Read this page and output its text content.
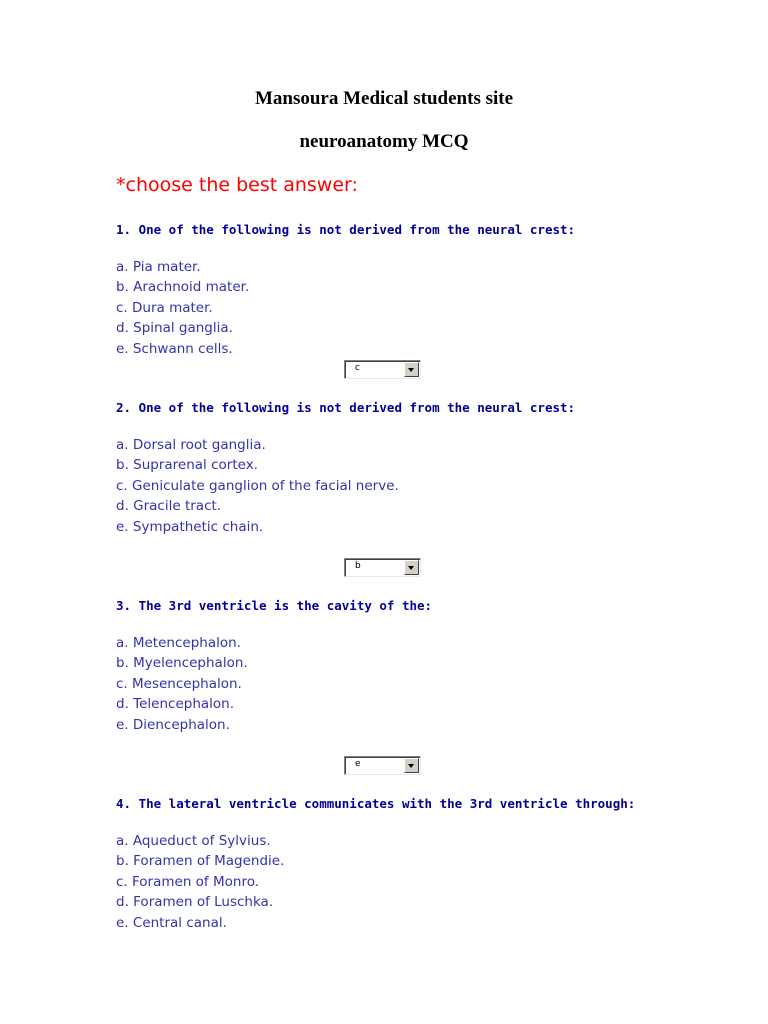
Mansoura Medical students site
neuroanatomy MCQ

*choose the best answer:

1. One of the following is not derived from the neural crest:

a. Pia mater.
b. Arachnoid mater.
c. Dura mater.
d. Spinal ganglia.
e. Schwann cells.
c

2. One of the following is not derived from the neural crest:

a. Dorsal root ganglia.
b. Suprarenal cortex.
c. Geniculate ganglion of the facial nerve.
d. Gracile tract.
e. Sympathetic chain.
b

3. The 3rd ventricle is the cavity of the:

a. Metencephalon.
b. Myelencephalon.
c. Mesencephalon.
d. Telencephalon.
e. Diencephalon.
e

4. The lateral ventricle communicates with the 3rd ventricle through:

a. Aqueduct of Sylvius.
b. Foramen of Magendie.
c. Foramen of Monro.
d. Foramen of Luschka.
e. Central canal.
